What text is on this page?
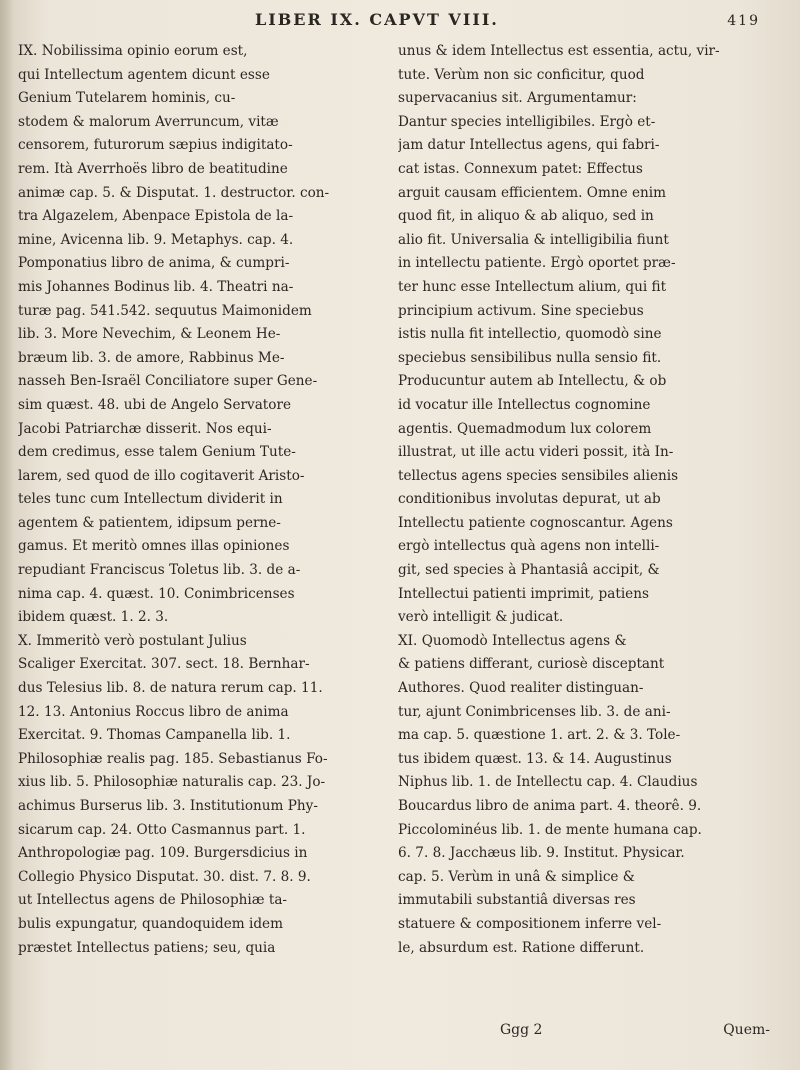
LIBER IX. CAPVT VIII.	419
IX. Nobilissima opinio eorum est,
qui Intellectum agentem dicunt esse
Genium Tutelarem hominis, cu-
stodem & malorum Averruncum, vitæ
censorem, futurorum sæpius indigitato-
rem. Ità Averrhoës libro de beatitudine
animæ cap. 5. & Disputat. 1. destructor. con-
tra Algazelem, Abenpace Epistola de la-
mine, Avicenna lib. 9. Metaphys. cap. 4.
Pomponatius libro de anima, & cumpri-
mis Johannes Bodinus lib. 4. Theatri na-
turæ pag. 541.542. sequutus Maimonidem
lib. 3. More Nevechim, & Leonem He-
bræum lib. 3. de amore, Rabbinus Me-
nasseh Ben-Israël Conciliatore super Gene-
sim quæst. 48. ubi de Angelo Servatore
Jacobi Patriarchæ disserit. Nos equi-
dem credimus, esse talem Genium Tute-
larem, sed quod de illo cogitaverit Aristo-
teles tunc cum Intellectum dividerit in
agentem & patientem, idipsum perne-
gamus. Et meritò omnes illas opiniones
repudiant Franciscus Toletus lib. 3. de a-
nima cap. 4. quæst. 10. Conimbricenses
ibidem quæst. 1. 2. 3.
X. Immeritò verò postulant Julius
Scaliger Exercitat. 307. sect. 18. Bernhar-
dus Telesius lib. 8. de natura rerum cap. 11.
12. 13. Antonius Roccus libro de anima
Exercitat. 9. Thomas Campanella lib. 1.
Philosophiæ realis pag. 185. Sebastianus Fo-
xius lib. 5. Philosophiæ naturalis cap. 23. Jo-
achimus Burserus lib. 3. Institutionum Phy-
sicarum cap. 24. Otto Casmannus part. 1.
Anthropologiæ pag. 109. Burgersdicius in
Collegio Physico Disputat. 30. dist. 7. 8. 9.
ut Intellectus agens de Philosophiæ ta-
bulis expungatur, quandoquidem idem
præstet Intellectus patiens; seu, quia
unus & idem Intellectus est essentia, actu, vir-
tute. Verùm non sic conficitur, quod
supervacanius sit. Argumentamur:
Dantur species intelligibiles. Ergò et-
jam datur Intellectus agens, qui fabri-
cat istas. Connexum patet: Effectus
arguit causam efficientem. Omne enim
quod fit, in aliquo & ab aliquo, sed in
alio fit. Universalia & intelligibilia fiunt
in intellectu patiente. Ergò oportet præ-
ter hunc esse Intellectum alium, qui fit
principium activum. Sine speciebus
istis nulla fit intellectio, quomodò sine
speciebus sensibilibus nulla sensio fit.
Producuntur autem ab Intellectu, & ob
id vocatur ille Intellectus cognomine
agentis. Quemadmodum lux colorem
illustrat, ut ille actu videri possit, ità In-
tellectus agens species sensibiles alienis
conditionibus involutas depurat, ut ab
Intellectu patiente cognoscantur. Agens
ergò intellectus quà agens non intelli-
git, sed species à Phantasiâ accipit, &
Intellectui patienti imprimit, patiens
verò intelligit & judicat.
XI. Quomodò Intellectus agens &
& patiens differant, curiosè disceptant
Authores. Quod realiter distinguan-
tur, ajunt Conimbricenses lib. 3. de ani-
ma cap. 5. quæstione 1. art. 2. & 3. Tole-
tus ibidem quæst. 13. & 14. Augustinus
Niphus lib. 1. de Intellectu cap. 4. Claudius
Boucardus libro de anima part. 4. theorê. 9.
Piccolominéus lib. 1. de mente humana cap.
6. 7. 8. Jacchæus lib. 9. Institut. Physicar.
cap. 5. Verùm in unâ & simplice &
immutabili substantiâ diversas res
statuere & compositionem inferre vel-
le, absurdum est. Ratione differunt.
Ggg 2	Quem-
